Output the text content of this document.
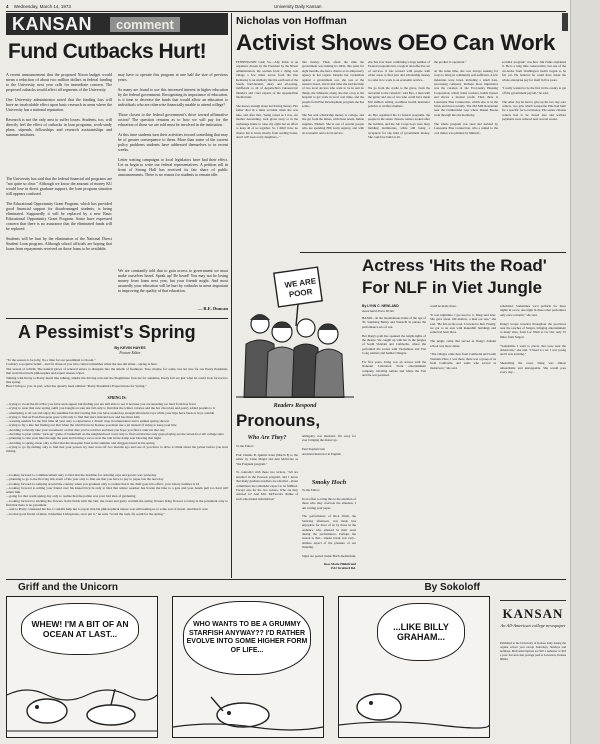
4 Wednesday, March 14, 1973	University Daily Kansan
KANSAN	comment
Fund Cutbacks Hurt!
A recent announcement that the proposed Nixon budget would mean a reduction of about two million dollars in federal funding to the University next year calls for immediate concern. The proposed cutbacks would affect all segments of the University.

One University administrator noted that the funding loss will have an incalculable effect upon basic research in areas where the University has a national reputation.

Research is not the only area to suffer losses. Students, too, will directly feel the effect of cutbacks in loan programs, work-study plans, stipends, fellowships and research assistantships and summer institutes.
The University has said that the federal financial aid programs are "not quite so clear." Although we know the amount of money KU would lose in direct graduate support, the loan program situation still appears confused.

The Educational Opportunity Grant Program, which has provided good financial support for disadvantaged students, is being eliminated. Supposedly it will be replaced by a new Basic Educational Opportunity Grant Program. Some have expressed concern that there is no assurance that the eliminated funds will be replaced.

Students will be hurt by the elimination of the National Direct Student Loan program. Although school officials are hoping that loans from repayments received on those loans to be available.
may have to operate this program at one half the size of previous years.

So many are found to use this increased interest in higher education by the federal government. Recognizing its importance of education, is it time to decrease the funds that would allow an education to individuals who are otherwise financially unable to attend college?

Those closest to the federal government's drive toward affirmative action? The question remains as to how we will pay for the education of those we are told must be involved in the institution.

At this time students turn their activities toward something that may be of greater consequence to them. More than some of the current policy problems students have addressed themselves to in recent weeks.

Letter writing campaigns to local legislators have had their effect. Let us begin to write our federal representatives. A petition roll in front of Strong Hall has received its fair share of public announcements. There is no reason for students to remain idle.
We are constantly told that to gain access to government we must make ourselves heard. Speak up! Be heard! You may not be losing money from loans next year, but your friends might. And most assuredly your education will be hurt by cutbacks in areas important to improving the quality of that education.
— R.E. Duncan
A Pessimist's Spring
By KEVIN HAYES
Feature Editor
"To the season to be jolly, 'tis a time for our pessimism to bloom."
Contrary to popular belief—and for those of you who cannot remember when the sun did shine—spring is here.
The season of rebirth. The natural glows of renewal enters to dissipate into the smells of freshness. True, maybe, for some, but not true for our Pretty Pessimist, that weird hard luck philosopher and expert sneeze-wiper.
Talking with Pretty is Pretty much like talking, amidst the driving rain and the illegitimate forecast for sunshine. Pretty felt we just what he could look forward to this spring.
Here I bring to you, in part, what has queerly been entitled "Pretty Pessimist's Expectations for Spring."
SPRING IS:
—trying to avoid the first lilac you have seen appear but finding you are still able to see it because you are sneezing too hard from hay fever
—trying to wear that new spring outfit you bought on sale last fall only to find that the winter calories and the hot chocolate and pastry added pounds to it
—attempting to sit out and enjoy the sunshine but discovering that you have soaked up enough ultraviolet rays while your hips have been as boys outside
—trying to find an East-European gone wild only to find that she's married now and has three kids
—wearing sandals for the first time all year only to experience a drastic drop in temperature and a sudden spring shower
—trying to fly a kite but finding out that when the wind blows in Kansas you must use a jet instead of string to keep your kite
—deciding to finally take your sweetheart on that date you've told her and then you hope you find a raincoat that day
—deciding to plan a little "pick-up" game of basketball on the neighborhood court only to find out that the only guys playing are the seven-foot tall college stars
—planning to ride your bike through the park and having a raccoon in the rain in the damp seat blowing that night
—deciding to spring-clean only to find that the mosquito bred in the summer and chiggers breed in the spring
—trying to go fly-fishing only to find that your poison ivy dust wore off two months ago and one of you have to drive to think about the jacket before you start itching
—looking forward to commencement only to find that the deadline for ordering caps and gowns was yesterday
—planning to go to the first big lick event of the year only to find out that you have to pay to paper last the next day
—looking forward to romping around the country when you graduate only to realize that it the draft goes into effect, your lottery number is 16
—looking forward to telling your friend over his kissed bicycle only to find that winter weather has frozen the bike to a gate and your hands pull too hard will return him
—going for that warm spring day only to realize that the pollen was your bad idea of gardening
—looking forward to sticking the flowers in the fields with the rain; the sweet and gusty warmth the spring flowers bring flowers to bring in the pavement only to find that there is no pavement
—and to Pretty confessed his list, I couldn't help but to report that his philosophical nature was still leading us to some sort of moral. And that it was:
—be that good friend of mine, Johnathan Livingstone, once put it," he said, "avoid the rush, fly south for the spring."
Nicholas von Hoffman
Activist Shows OEO Can Work
PENNINGTON GAP, Va.—Any Pablo is an organizer chosen by the President by the Nixon administration, the woman from a dying coal village a few miles across from the line Kentucky is an Anthony like the earth salt of the South, hard-headed, dusty and all-seeing, indifferent to all of Appalachia's bureaucratic blunders and cruel experts of the Appalachian intellectuals.

She knows enough about not having money. Her father died in a mine accident when she was nine, and after that, "being raised as I was, our mother descending, took given away or in the orphanage home to raise my eight but an effort to keep all of us together. So I didn't have no chance but to learn, mostly from reading books. And I will look at my daughters..."
into money. Then, about the time the government was halting its OEO, this quiet for eight months, she had a chance at an antipoverty agency in her region. Despite her credentials against a government out, she was at the nation's board, and in that time she had the help of two local doctors who want to be in and do things, the Johnsons, along, she met a boy at the hospital to get work in local coal mine, and the people from Pine Development program she has some...

She has sent scholarship money to college, and she got from the mines, with these needs, Indian supplies. Elkhart. She is one of several people who are spending Hill Gwin Agency, and with an economic and a local service.
else has ever done: combining a large number of Federal programs into a logical and effective set of services. It has worked with people with wider areas to find jobs and scholarship money to come in to work to an economic service...

We go from the cradle to the grave, from the terrestrial to the celestial," said Bye, a man with the gutter and one of two who could have made $50 million selling worthless health insurance policies to welfare mothers.

As Bye organized his 21 federal programs, the people in the senior citizens centers looked after the toddlers, and the Job Corps boys were busy building dormitories, while still being a receptacle for any kind of government money. She could not build at all.
the product is operation."

At the same time, she was always seeking for ways to bring in community self-sufficient. A few industries were lured, including a small data-processing company. Perhaps more impressive was the creation of the Tri-County Housing Corporation, which trains workers, builds houses and shows a modest profit. Then there is Lonesome Pine Connection, which also is in the black and most recently, The Old Mill Restaurant near the Cumberland Gap where Daniel Boone went through into the Kentucky.

The whole program was sued and derided by Lonesome Pine Connection, who a tunnel to the coal mines was planned by himself...
socialist program" was how Jim Fulks explained it. He is a long time conservative, but one of the cut-backs from Washington hadn't begun to be felt yet. He believes he could have made the whole enterprise pay for itself in five years.

"I really wanted to be the first in the county to get off the government payroll," he said.

The other day he had to give up his two day-care centers, two jobs which Lonesome Pine had built for a specific for local money. The senior citizens centers had to be closed also and welfare payments were reduced next several weeks.
WE ARE
POOR
Actress 'Hits the Road' For NLF in Viet Jungle
By LYNN C. NEWLAND
Associated Press Writer
HANOI—In the mountainous home of the age of 30, Sutphang Bailey and Wanachi in pursue the performance arts of war.

But Dang's path has spanned the length-lights of the theatre. We caught up with her in the jungles of South Vietnam and Cambodia, where she performed the scenes with Vietnamese and Viet Cong soldiers and hamlet villagers.

For five years, Dang was an actress with the National Liberation Front entertainment company, traveling remote and where the Viet and the war persisted.
could be made more.

"It was nighttime. I got used to it. Dang said later. She gave about 160 matters, a man out one," she said. "He fell on the road, I crawled to him. Finally, we got to an area with makeshift buildings and some had been there.

The jungle camp that served as Dang's domain school was more dense.

"The villages came here from Cambodia and South Vietnam. Here, I was there, there was a group of us from Cambodia, and some who served as instructors," she said.
scheduled. Sometimes we'd perform for three nights in a row, one night in three other performers only once a month," she said.

Dang's troupe traveled throughout the provinces near the reaches of Saigon, bringing entertainment to many sites, from Loc Ninh to Cu Chi, only 35 miles from Saigon.

"Sometimes I went to places that were near the Americans," she said. "I liked it a lot. I was young and it was exciting."

Sheatching the coast, Dang was almost untouchable and unstoppable. She would pass every day...
Readers Respond
Pronouns,
Who Are They?
To the Editor:

Prof. Dennis B. Quinn's letter (March 8) to the editor by Liane Magid and Ann McFerran as "the Pregnant program."

To contradict with these two writers, "All are enrolled in the Pearson program, and I know that many graduate teachers are enrolled—about committees the remainder expect to be fulfilled. Except also for the two writers, Who are they referred to? And Mrs. McFerran's dislike of such educational information?
ambiguity was intended, I'm sorry for ever bringing the matter up.

Paul Stephen Lim
Assistant Instructor in English
Smoky Hoch
To the Editor:

In an effort to bring this to the attention of those who may overlook the situation, I am writing your paper.

The performance of Rick Wash, the Saturday afternoon, was made less enjoyable for most of us by those in the audience who smoked in their seats during the performance. Perhaps the reason is that... smoke break was very... aimless aspect of the pleasure of our listening.

Signs are posted inside Hoch Auditorium,
Ross Marie Hildebrand
1512 Stratford Rd.
Griff and the Unicorn	By Sokoloff
WHEW! I'M A BIT OF AN OCEAN AT LAST...
WHO WANTS TO BE A GRUMMY STARFISH ANYWAY?? I'D RATHER EVOLVE INTO SOME HIGHER FORM OF LIFE...
...LIKE BILLY GRAHAM...
KANSAN
An All-American college newspaper
Published at the University of Kansas daily during the regular school year except Saturdays, Sundays and holidays. Mail subscriptions are $10 a semester or $18 a year. Second-class postage paid at Lawrence, Kansas 66044.
